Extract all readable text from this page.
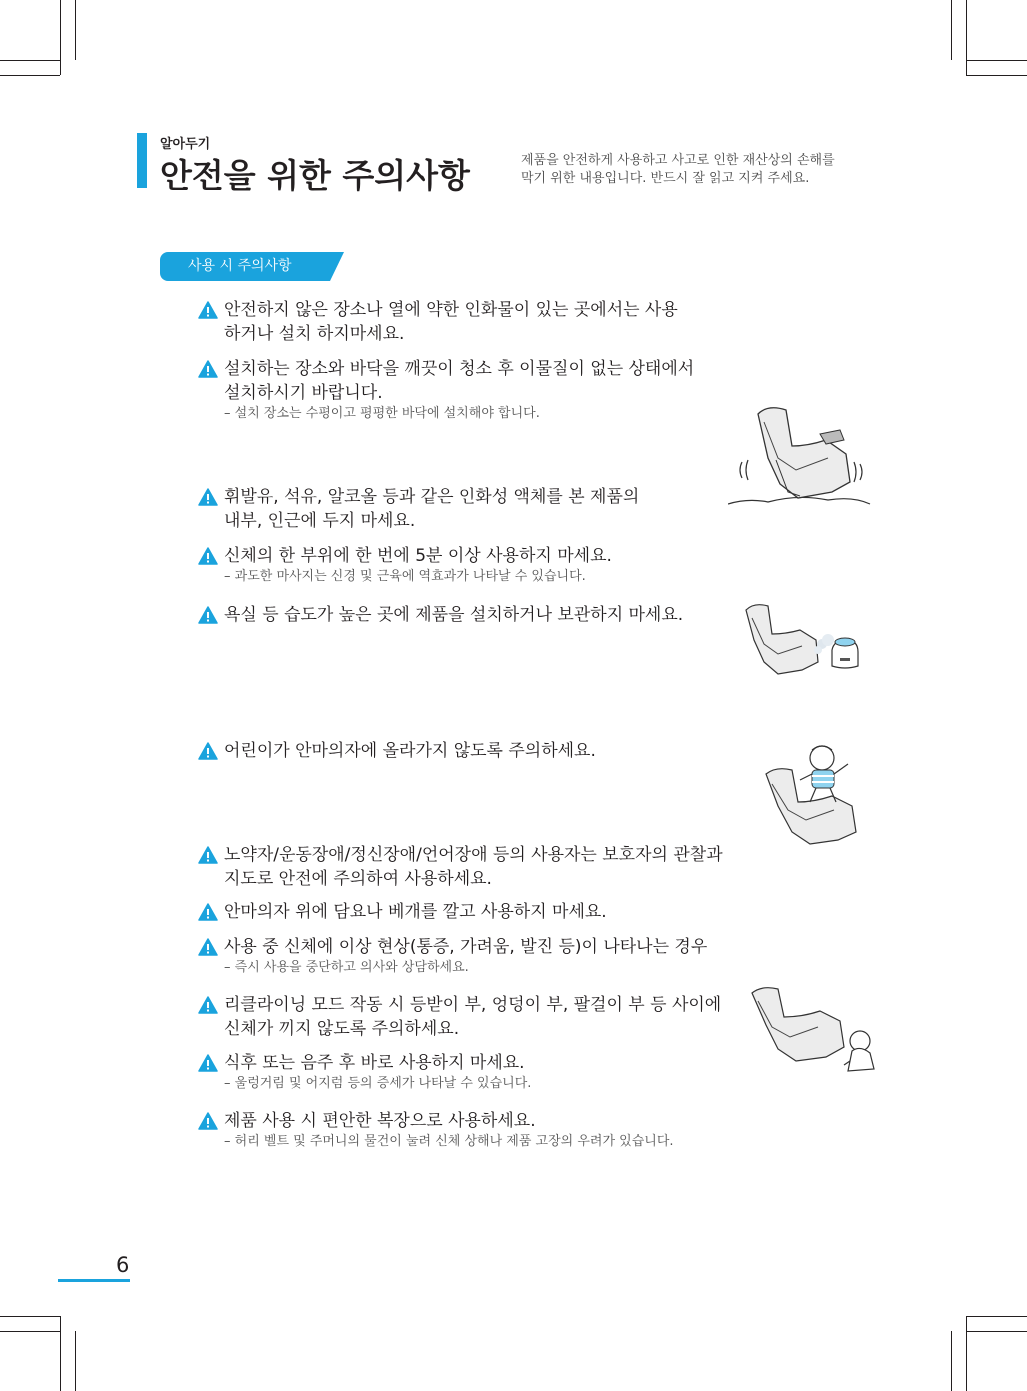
알아두기
안전을 위한 주의사항	제품을 안전하게 사용하고 사고로 인한 재산상의 손해를
막기 위한 내용입니다. 반드시 잘 읽고 지켜 주세요.
사용 시 주의사항
안전하지 않은 장소나 열에 약한 인화물이 있는 곳에서는 사용
하거나 설치 하지마세요.
설치하는 장소와 바닥을 깨끗이 청소 후 이물질이 없는 상태에서
설치하시기 바랍니다.
– 설치 장소는 수평이고 평평한 바닥에 설치해야 합니다.
휘발유, 석유, 알코올 등과 같은 인화성 액체를 본 제품의
내부, 인근에 두지 마세요.
신체의 한 부위에 한 번에 5분 이상 사용하지 마세요.
– 과도한 마사지는 신경 및 근육에 역효과가 나타날 수 있습니다.
욕실 등 습도가 높은 곳에 제품을 설치하거나 보관하지 마세요.
어린이가 안마의자에 올라가지 않도록 주의하세요.
노약자/운동장애/정신장애/언어장애 등의 사용자는 보호자의 관찰과
지도로 안전에 주의하여 사용하세요.
안마의자 위에 담요나 베개를 깔고 사용하지 마세요.
사용 중 신체에 이상 현상(통증, 가려움, 발진 등)이 나타나는 경우
– 즉시 사용을 중단하고 의사와 상담하세요.
리클라이닝 모드 작동 시 등받이 부, 엉덩이 부, 팔걸이 부 등 사이에
신체가 끼지 않도록 주의하세요.
식후 또는 음주 후 바로 사용하지 마세요.
– 울렁거림 및 어지럼 등의 증세가 나타날 수 있습니다.
제품 사용 시 편안한 복장으로 사용하세요.
– 허리 벨트 및 주머니의 물건이 눌려 신체 상해나 제품 고장의 우려가 있습니다.
6
